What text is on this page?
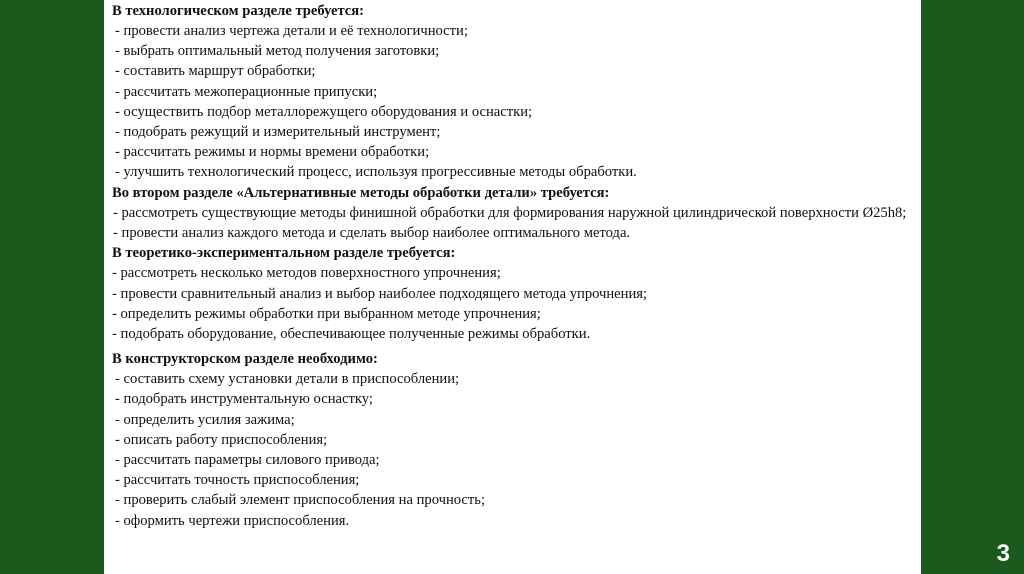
В технологическом разделе требуется:

- провести анализ чертежа детали и её технологичности;

- выбрать оптимальный метод получения заготовки;

- составить маршрут обработки;

- рассчитать межоперационные припуски;

- осуществить подбор металлорежущего оборудования и оснастки;

- подобрать режущий и измерительный инструмент;

- рассчитать режимы и нормы времени обработки;

- улучшить технологический процесс, используя прогрессивные методы обработки.

Во втором разделе «Альтернативные методы обработки детали» требуется:

- рассмотреть существующие методы финишной обработки для формирования наружной цилиндрической поверхности Ø25h8;

- провести анализ каждого метода и сделать выбор наиболее оптимального метода.

В теоретико-экспериментальном разделе требуется:

- рассмотреть несколько методов поверхностного упрочнения;

- провести сравнительный анализ и выбор наиболее подходящего метода упрочнения;

- определить режимы обработки при выбранном методе упрочнения;

- подобрать оборудование, обеспечивающее полученные режимы обработки.

В конструкторском разделе необходимо:

- составить схему установки детали в приспособлении;

- подобрать инструментальную оснастку;

- определить усилия зажима;

- описать работу приспособления;

- рассчитать параметры силового привода;

- рассчитать точность приспособления;

- проверить слабый элемент приспособления на прочность;

- оформить чертежи приспособления.

3
